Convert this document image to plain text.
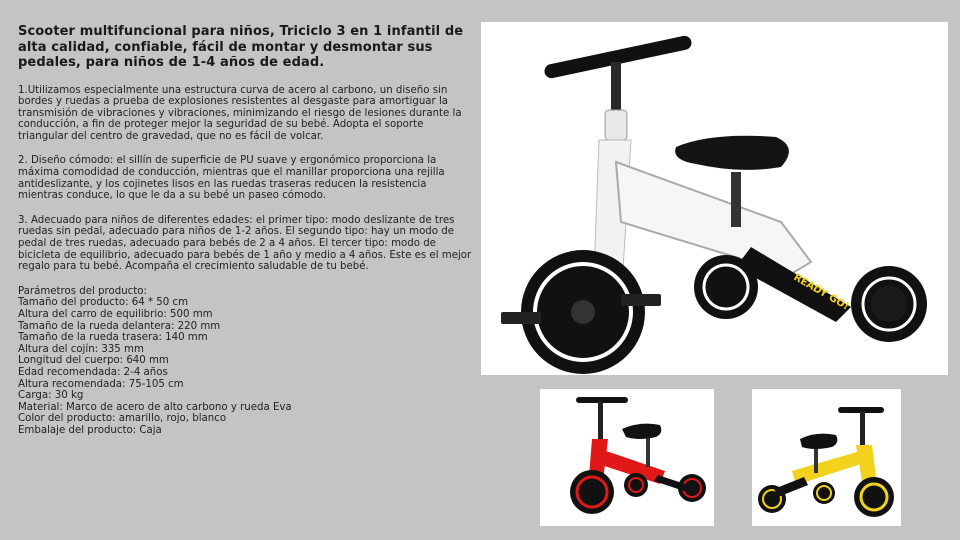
Scooter multifuncional para niños, Triciclo 3 en 1 infantil de alta calidad, confiable, fácil de montar y desmontar sus pedales, para niños de 1-4 años de edad.

1.Utilizamos especialmente una estructura curva de acero al carbono, un diseño sin bordes y ruedas a prueba de explosiones resistentes al desgaste para amortiguar la transmisión de vibraciones y vibraciones, minimizando el riesgo de lesiones durante la conducción, a fin de proteger mejor la seguridad de su bebé. Adopta el soporte triangular del centro de gravedad, que no es fácil de volcar.

2. Diseño cómodo: el sillín de superficie de PU suave y ergonómico proporciona la máxima comodidad de conducción, mientras que el manillar proporciona una rejilla antideslizante, y los cojinetes lisos en las ruedas traseras reducen la resistencia mientras conduce, lo que le da a su bebé un paseo cómodo.

3. Adecuado para niños de diferentes edades: el primer tipo: modo deslizante de tres ruedas sin pedal, adecuado para niños de 1-2 años. El segundo tipo: hay un modo de pedal de tres ruedas, adecuado para bebés de 2 a 4 años. El tercer tipo: modo de bicicleta de equilibrio, adecuado para bebés de 1 año y medio a 4 años. Este es el mejor regalo para tu bebé. Acompaña el crecimiento saludable de tu bebé.

Parámetros del producto:
Tamaño del producto: 64 * 50 cm
Altura del carro de equilibrio: 500 mm
Tamaño de la rueda delantera: 220 mm
Tamaño de la rueda trasera: 140 mm
Altura del cojín: 335 mm
Longitud del cuerpo: 640 mm
Edad recomendada: 2-4 años
Altura recomendada: 75-105 cm
Carga: 30 kg
Material: Marco de acero de alto carbono y rueda Eva
Color del producto: amarillo, rojo, blanco
Embalaje del producto: Caja
READY GO!
